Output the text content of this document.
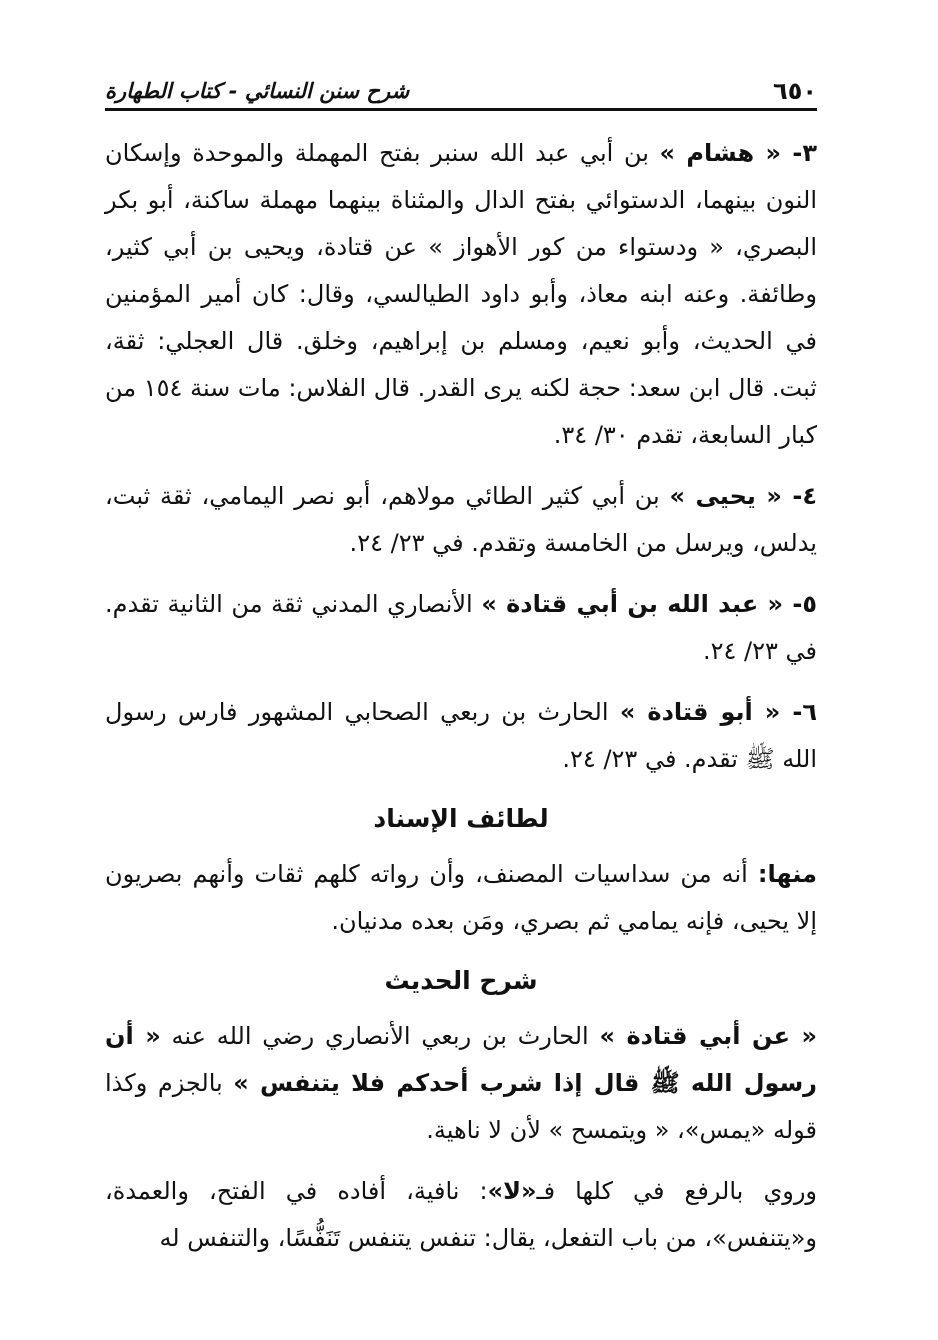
٦٥٠
شرح سنن النسائي - كتاب الطهارة

٣- « هشام » بن أبي عبد الله سنبر بفتح المهملة والموحدة وإسكان النون بينهما، الدستوائي بفتح الدال والمثناة بينهما مهملة ساكنة، أبو بكر البصري، « ودستواء من كور الأهواز » عن قتادة، ويحيى بن أبي كثير، وطائفة. وعنه ابنه معاذ، وأبو داود الطيالسي، وقال: كان أمير المؤمنين في الحديث، وأبو نعيم، ومسلم بن إبراهيم، وخلق. قال العجلي: ثقة، ثبت. قال ابن سعد: حجة لكنه يرى القدر. قال الفلاس: مات سنة ١٥٤ من كبار السابعة، تقدم ٣٠/ ٣٤.

٤- « يحيى » بن أبي كثير الطائي مولاهم، أبو نصر اليمامي، ثقة ثبت، يدلس، ويرسل من الخامسة وتقدم. في ٢٣/ ٢٤.

٥- « عبد الله بن أبي قتادة » الأنصاري المدني ثقة من الثانية تقدم. في ٢٣/ ٢٤.

٦- « أبو قتادة » الحارث بن ربعي الصحابي المشهور فارس رسول الله ﷺ تقدم. في ٢٣/ ٢٤.

لطائف الإسناد

منها: أنه من سداسيات المصنف، وأن رواته كلهم ثقات وأنهم بصريون إلا يحيى، فإنه يمامي ثم بصري، ومَن بعده مدنيان.

شرح الحديث

« عن أبي قتادة » الحارث بن ربعي الأنصاري رضي الله عنه « أن رسول الله ﷺ قال إذا شرب أحدكم فلا يتنفس » بالجزم وكذا قوله «يمس»، « ويتمسح » لأن لا ناهية.

وروي بالرفع في كلها فـ«لا»: نافية، أفاده في الفتح، والعمدة، و«يتنفس»، من باب التفعل، يقال: تنفس يتنفس تَنَفُّسًا، والتنفس له
